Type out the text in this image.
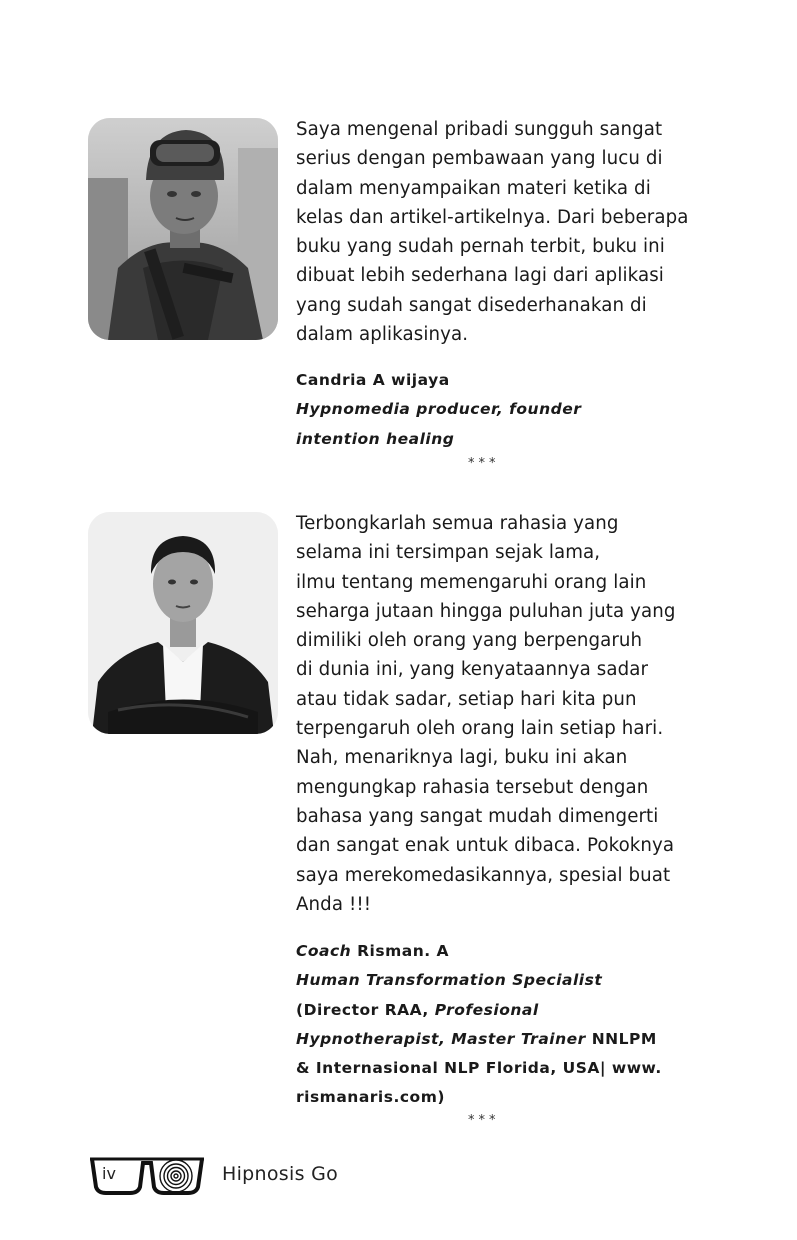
Saya mengenal pribadi sungguh sangat
serius dengan pembawaan yang lucu di
dalam menyampaikan materi ketika di
kelas dan artikel-artikelnya. Dari beberapa
buku yang sudah pernah terbit, buku ini
dibuat lebih sederhana lagi dari aplikasi
yang sudah sangat disederhanakan di
dalam aplikasinya.
Candria A wijaya
Hypnomedia producer, founder
intention healing
***
Terbongkarlah semua rahasia yang
selama ini tersimpan sejak lama,
ilmu tentang memengaruhi orang lain
seharga jutaan hingga puluhan juta yang
dimiliki oleh orang yang berpengaruh
di dunia ini, yang kenyataannya sadar
atau tidak sadar, setiap hari kita pun
terpengaruh oleh orang lain setiap hari.
Nah, menariknya lagi, buku ini akan
mengungkap rahasia tersebut dengan
bahasa yang sangat mudah dimengerti
dan sangat enak untuk dibaca. Pokoknya
saya merekomedasikannya, spesial buat
Anda !!!
Coach Risman. A
Human Transformation Specialist
(Director RAA, Profesional
Hypnotherapist, Master Trainer NNLPM
& Internasional NLP Florida, USA| www.
rismanaris.com)
***
iv	Hipnosis Go
